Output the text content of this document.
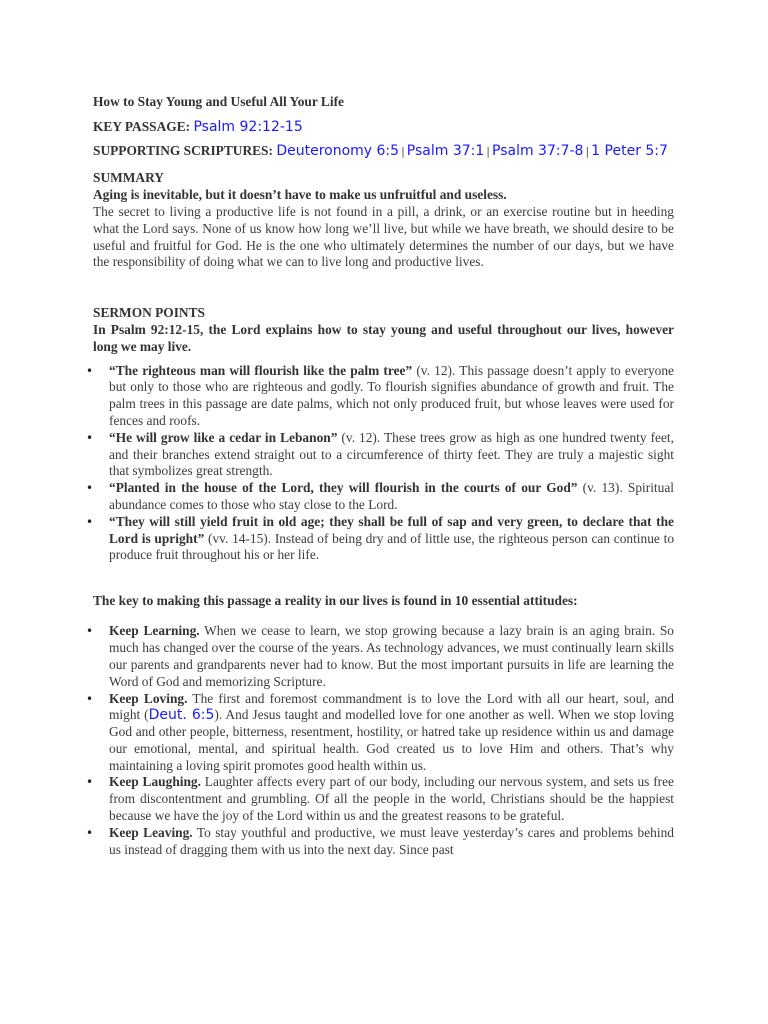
How to Stay Young and Useful All Your Life

KEY PASSAGE: Psalm 92:12-15

SUPPORTING SCRIPTURES: Deuteronomy 6:5 | Psalm 37:1 | Psalm 37:7-8 | 1 Peter 5:7

SUMMARY

Aging is inevitable, but it doesn’t have to make us unfruitful and useless.

The secret to living a productive life is not found in a pill, a drink, or an exercise routine but in heeding what the Lord says. None of us know how long we’ll live, but while we have breath, we should desire to be useful and fruitful for God. He is the one who ultimately determines the number of our days, but we have the responsibility of doing what we can to live long and productive lives.

SERMON POINTS

In Psalm 92:12-15, the Lord explains how to stay young and useful throughout our lives, however long we may live.

• “The righteous man will flourish like the palm tree” (v. 12). This passage doesn’t apply to everyone but only to those who are righteous and godly. To flourish signifies abundance of growth and fruit. The palm trees in this passage are date palms, which not only produced fruit, but whose leaves were used for fences and roofs.
• “He will grow like a cedar in Lebanon” (v. 12). These trees grow as high as one hundred twenty feet, and their branches extend straight out to a circumference of thirty feet. They are truly a majestic sight that symbolizes great strength.
• “Planted in the house of the Lord, they will flourish in the courts of our God” (v. 13). Spiritual abundance comes to those who stay close to the Lord.
• “They will still yield fruit in old age; they shall be full of sap and very green, to declare that the Lord is upright” (vv. 14-15). Instead of being dry and of little use, the righteous person can continue to produce fruit throughout his or her life.

The key to making this passage a reality in our lives is found in 10 essential attitudes:

• Keep Learning. When we cease to learn, we stop growing because a lazy brain is an aging brain. So much has changed over the course of the years. As technology advances, we must continually learn skills our parents and grandparents never had to know. But the most important pursuits in life are learning the Word of God and memorizing Scripture.
• Keep Loving. The first and foremost commandment is to love the Lord with all our heart, soul, and might (Deut. 6:5). And Jesus taught and modelled love for one another as well. When we stop loving God and other people, bitterness, resentment, hostility, or hatred take up residence within us and damage our emotional, mental, and spiritual health. God created us to love Him and others. That’s why maintaining a loving spirit promotes good health within us.
• Keep Laughing. Laughter affects every part of our body, including our nervous system, and sets us free from discontentment and grumbling. Of all the people in the world, Christians should be the happiest because we have the joy of the Lord within us and the greatest reasons to be grateful.
• Keep Leaving. To stay youthful and productive, we must leave yesterday’s cares and problems behind us instead of dragging them with us into the next day. Since past
